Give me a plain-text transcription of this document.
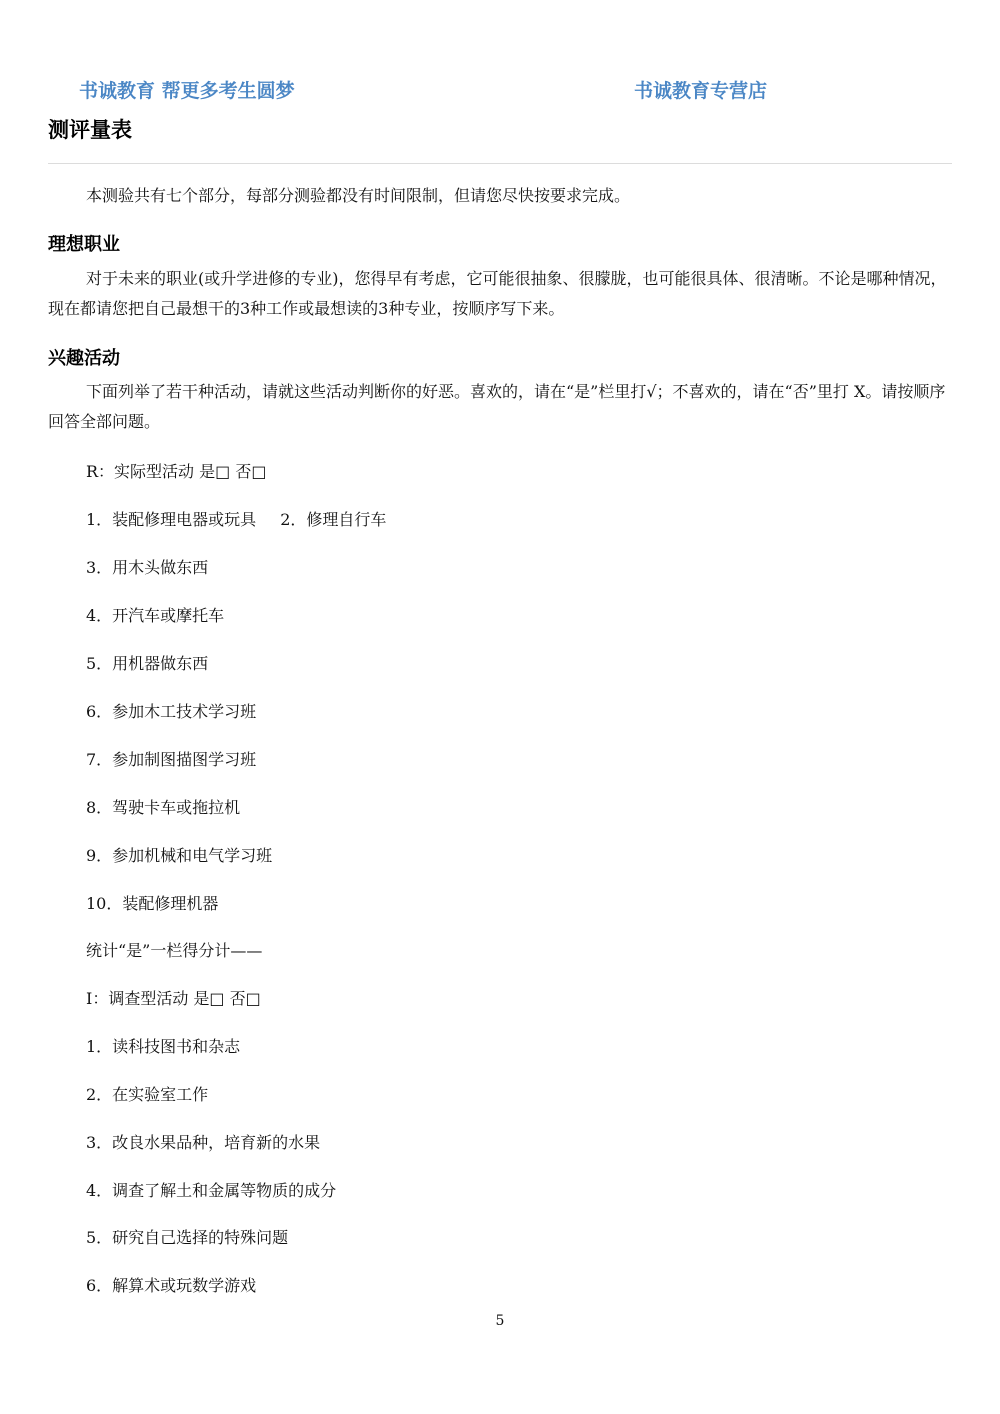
书诚教育 帮更多考生圆梦	书诚教育专营店
测评量表

本测验共有七个部分，每部分测验都没有时间限制，但请您尽快按要求完成。

理想职业

对于未来的职业(或升学进修的专业)，您得早有考虑，它可能很抽象、很朦胧，也可能很具体、很清晰。不论是哪种情况，现在都请您把自己最想干的3种工作或最想读的3种专业，按顺序写下来。

兴趣活动

下面列举了若干种活动，请就这些活动判断你的好恶。喜欢的，请在“是”栏里打√；不喜欢的，请在“否”里打 X。请按顺序回答全部问题。

R：实际型活动 是□ 否□

1．装配修理电器或玩具 2．修理自行车

3．用木头做东西

4．开汽车或摩托车

5．用机器做东西

6．参加木工技术学习班

7．参加制图描图学习班

8．驾驶卡车或拖拉机

9．参加机械和电气学习班

10．装配修理机器

统计“是”一栏得分计——

I：调查型活动 是□ 否□

1．读科技图书和杂志

2．在实验室工作

3．改良水果品种，培育新的水果

4．调查了解土和金属等物质的成分

5．研究自己选择的特殊问题

6．解算术或玩数学游戏

5
